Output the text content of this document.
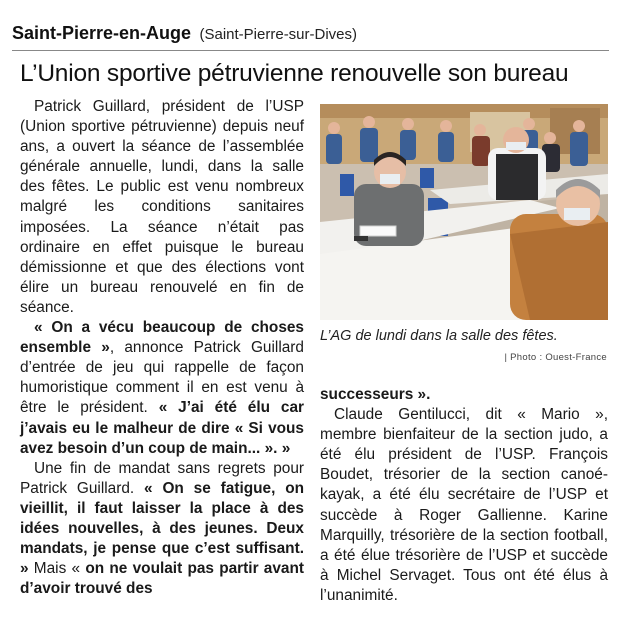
Saint-Pierre-en-Auge (Saint-Pierre-sur-Dives)
L’Union sportive pétruvienne renouvelle son bureau

Patrick Guillard, président de l’USP (Union sportive pétruvienne) depuis neuf ans, a ouvert la séance de l’assemblée générale annuelle, lundi, dans la salle des fêtes. Le public est venu nombreux malgré les conditions sanitaires imposées. La séance n’était pas ordinaire en effet puisque le bureau démissionne et que des élections vont élire un bureau renouvelé en fin de séance.

« On a vécu beaucoup de choses ensemble », annonce Patrick Guillard d’entrée de jeu qui rappelle de façon humoristique comment il en est venu à être le président. « J’ai été élu car j’avais eu le malheur de dire « Si vous avez besoin d’un coup de main... ». »

Une fin de mandat sans regrets pour Patrick Guillard. « On se fatigue, on vieillit, il faut laisser la place à des idées nouvelles, à des jeunes. Deux mandats, je pense que c’est suffisant. » Mais « on ne voulait pas partir avant d’avoir trouvé des

L’AG de lundi dans la salle des fêtes.
| Photo : Ouest-France

successeurs ».

Claude Gentilucci, dit « Mario », membre bienfaiteur de la section judo, a été élu président de l’USP. François Boudet, trésorier de la section canoé-kayak, a été élu secrétaire de l’USP et succède à Roger Gallienne. Karine Marquilly, trésorière de la section football, a été élue trésorière de l’USP et succède à Michel Servaget. Tous ont été élus à l’unanimité.
